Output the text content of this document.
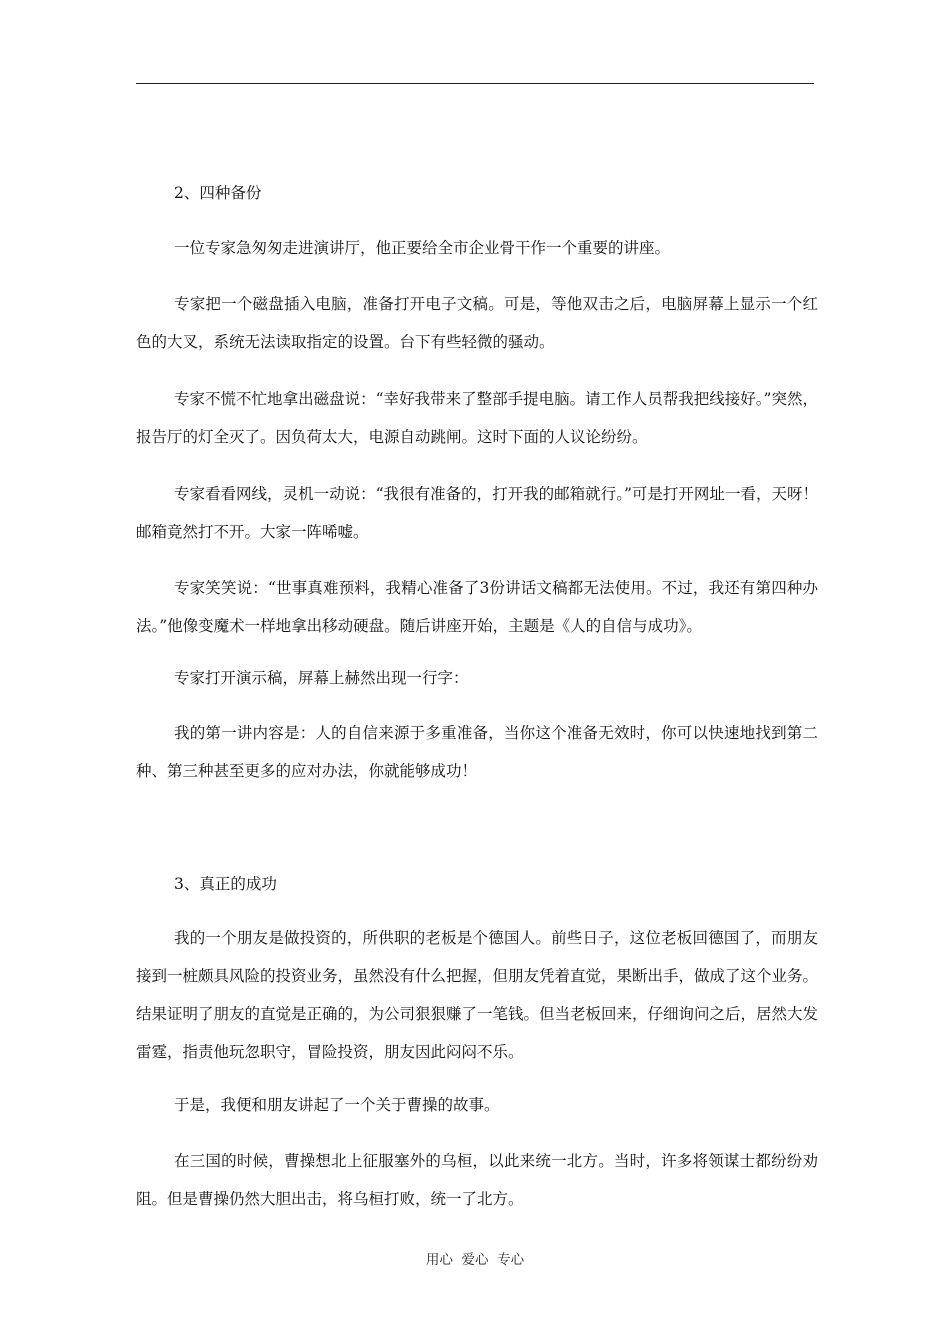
2、四种备份

一位专家急匆匆走进演讲厅，他正要给全市企业骨干作一个重要的讲座。

专家把一个磁盘插入电脑，准备打开电子文稿。可是，等他双击之后，电脑屏幕上显示一个红色的大叉，系统无法读取指定的设置。台下有些轻微的骚动。

专家不慌不忙地拿出磁盘说：“幸好我带来了整部手提电脑。请工作人员帮我把线接好。”突然，报告厅的灯全灭了。因负荷太大，电源自动跳闸。这时下面的人议论纷纷。

专家看看网线，灵机一动说：“我很有准备的，打开我的邮箱就行。”可是打开网址一看，天呀！邮箱竟然打不开。大家一阵唏嘘。

专家笑笑说：“世事真难预料，我精心准备了3份讲话文稿都无法使用。不过，我还有第四种办法。”他像变魔术一样地拿出移动硬盘。随后讲座开始，主题是《人的自信与成功》。

专家打开演示稿，屏幕上赫然出现一行字：

我的第一讲内容是：人的自信来源于多重准备，当你这个准备无效时，你可以快速地找到第二种、第三种甚至更多的应对办法，你就能够成功！

3、真正的成功

我的一个朋友是做投资的，所供职的老板是个德国人。前些日子，这位老板回德国了，而朋友接到一桩颇具风险的投资业务，虽然没有什么把握，但朋友凭着直觉，果断出手，做成了这个业务。结果证明了朋友的直觉是正确的，为公司狠狠赚了一笔钱。但当老板回来，仔细询问之后，居然大发雷霆，指责他玩忽职守，冒险投资，朋友因此闷闷不乐。

于是，我便和朋友讲起了一个关于曹操的故事。

在三国的时候，曹操想北上征服塞外的乌桓，以此来统一北方。当时，许多将领谋士都纷纷劝阻。但是曹操仍然大胆出击，将乌桓打败，统一了北方。

用心  爱心  专心
